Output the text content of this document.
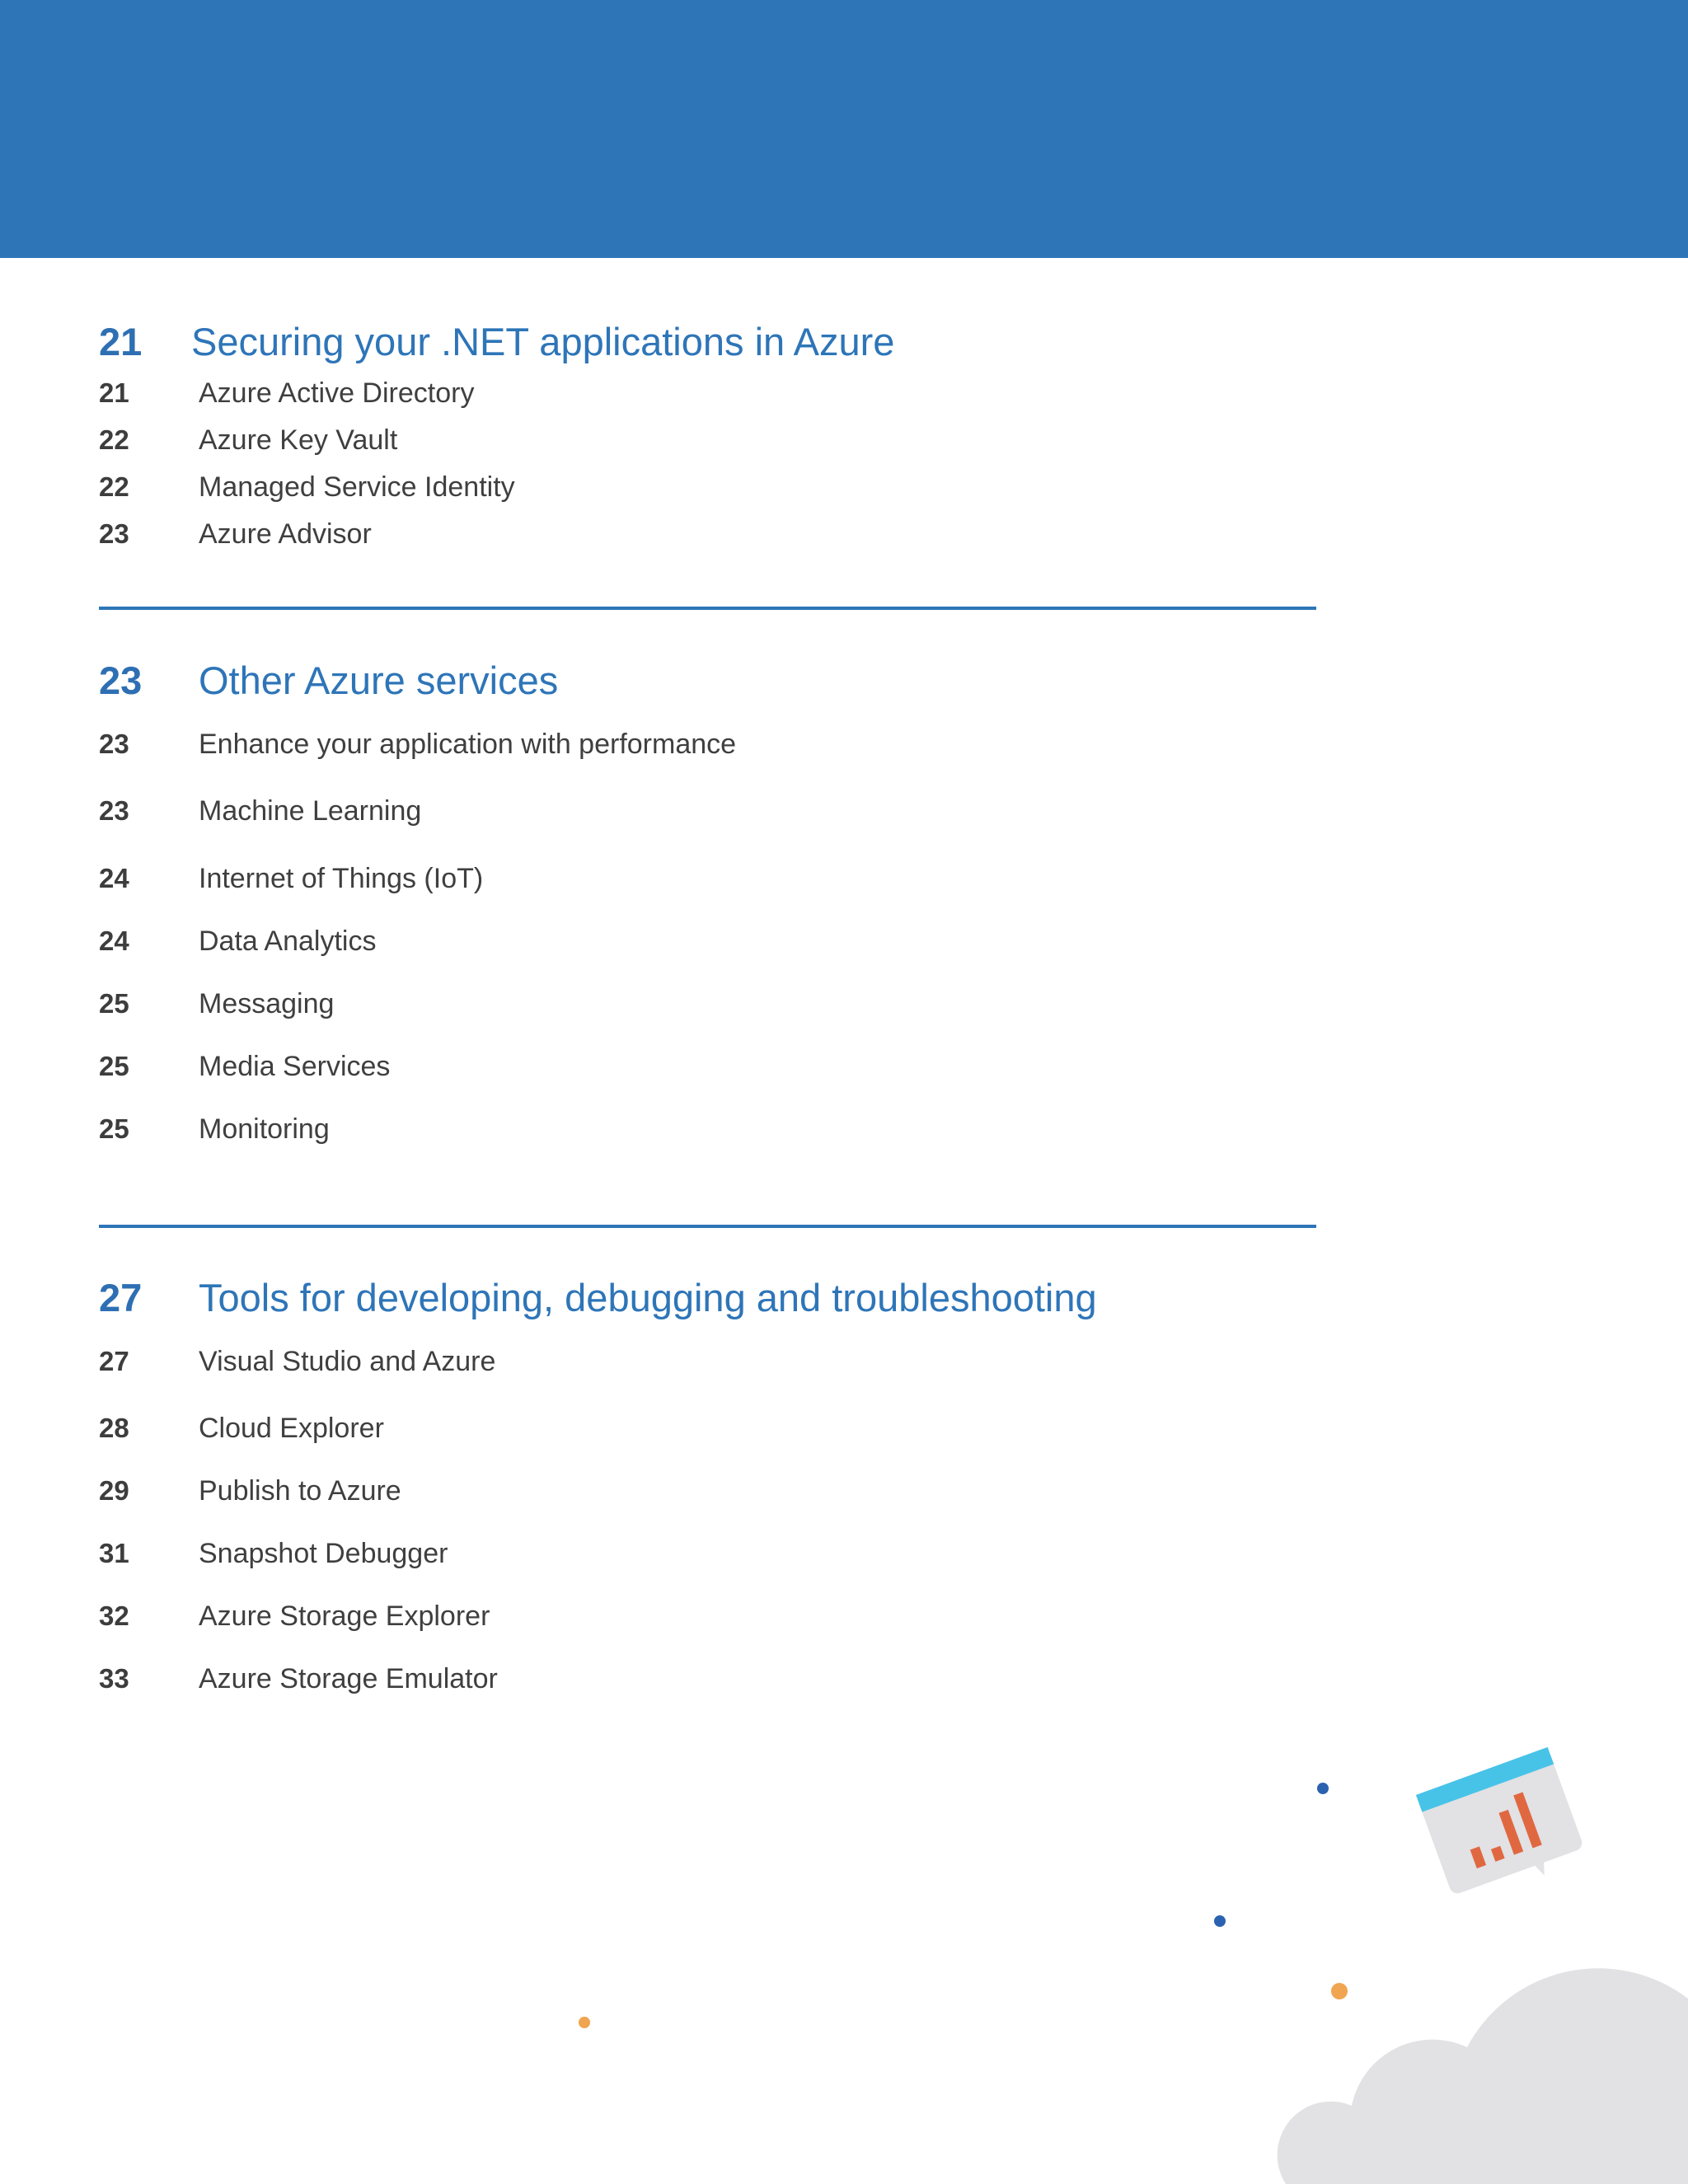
21	Securing your .NET applications in Azure
21	Azure Active Directory
22	Azure Key Vault
22	Managed Service Identity
23	Azure Advisor
23	Other Azure services
23	Enhance your application with performance
23	Machine Learning
24	Internet of Things (IoT)
24	Data Analytics
25	Messaging
25	Media Services
25	Monitoring
27	Tools for developing, debugging and troubleshooting
27	Visual Studio and Azure
28	Cloud Explorer
29	Publish to Azure
31	Snapshot Debugger
32	Azure Storage Explorer
33	Azure Storage Emulator
